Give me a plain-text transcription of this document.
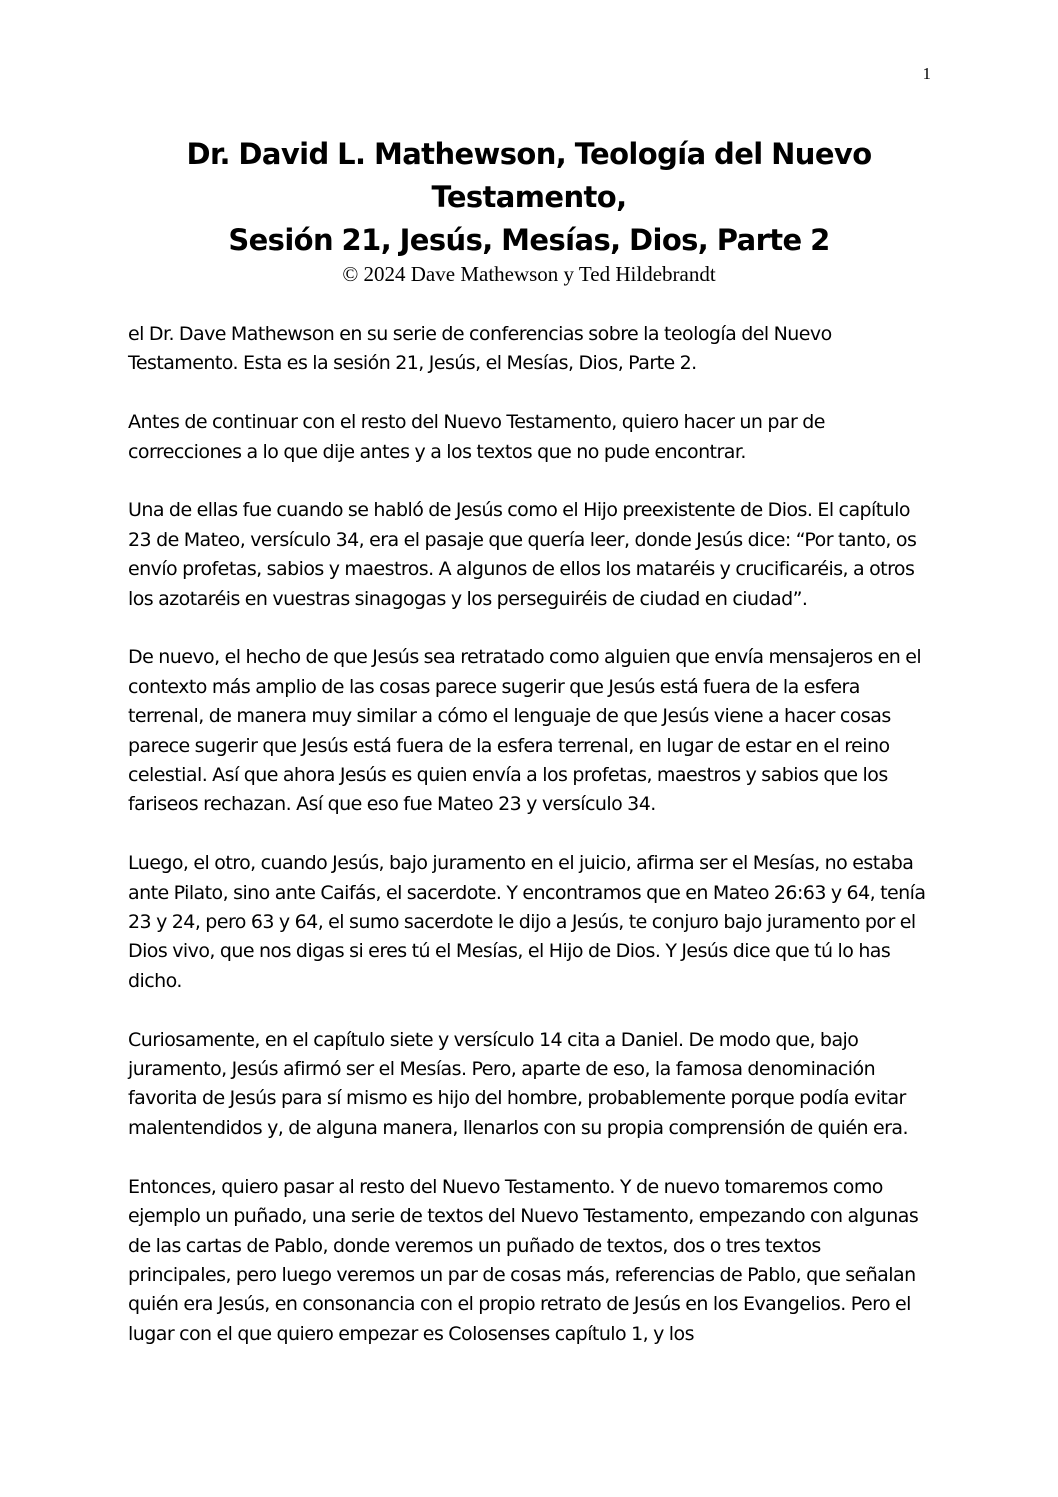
1
Dr. David L. Mathewson, Teología del Nuevo
Testamento,
Sesión 21, Jesús, Mesías, Dios, Parte 2
© 2024 Dave Mathewson y Ted Hildebrandt

el Dr. Dave Mathewson en su serie de conferencias sobre la teología del Nuevo Testamento. Esta es la sesión 21, Jesús, el Mesías, Dios, Parte 2.

Antes de continuar con el resto del Nuevo Testamento, quiero hacer un par de correcciones a lo que dije antes y a los textos que no pude encontrar.

Una de ellas fue cuando se habló de Jesús como el Hijo preexistente de Dios. El capítulo 23 de Mateo, versículo 34, era el pasaje que quería leer, donde Jesús dice: “Por tanto, os envío profetas, sabios y maestros. A algunos de ellos los mataréis y crucificaréis, a otros los azotaréis en vuestras sinagogas y los perseguiréis de ciudad en ciudad”.

De nuevo, el hecho de que Jesús sea retratado como alguien que envía mensajeros en el contexto más amplio de las cosas parece sugerir que Jesús está fuera de la esfera terrenal, de manera muy similar a cómo el lenguaje de que Jesús viene a hacer cosas parece sugerir que Jesús está fuera de la esfera terrenal, en lugar de estar en el reino celestial. Así que ahora Jesús es quien envía a los profetas, maestros y sabios que los fariseos rechazan. Así que eso fue Mateo 23 y versículo 34.

Luego, el otro, cuando Jesús, bajo juramento en el juicio, afirma ser el Mesías, no estaba ante Pilato, sino ante Caifás, el sacerdote. Y encontramos que en Mateo 26:63 y 64, tenía 23 y 24, pero 63 y 64, el sumo sacerdote le dijo a Jesús, te conjuro bajo juramento por el Dios vivo, que nos digas si eres tú el Mesías, el Hijo de Dios. Y Jesús dice que tú lo has dicho.

Curiosamente, en el capítulo siete y versículo 14 cita a Daniel. De modo que, bajo juramento, Jesús afirmó ser el Mesías. Pero, aparte de eso, la famosa denominación favorita de Jesús para sí mismo es hijo del hombre, probablemente porque podía evitar malentendidos y, de alguna manera, llenarlos con su propia comprensión de quién era.

Entonces, quiero pasar al resto del Nuevo Testamento. Y de nuevo tomaremos como ejemplo un puñado, una serie de textos del Nuevo Testamento, empezando con algunas de las cartas de Pablo, donde veremos un puñado de textos, dos o tres textos principales, pero luego veremos un par de cosas más, referencias de Pablo, que señalan quién era Jesús, en consonancia con el propio retrato de Jesús en los Evangelios. Pero el lugar con el que quiero empezar es Colosenses capítulo 1, y los
